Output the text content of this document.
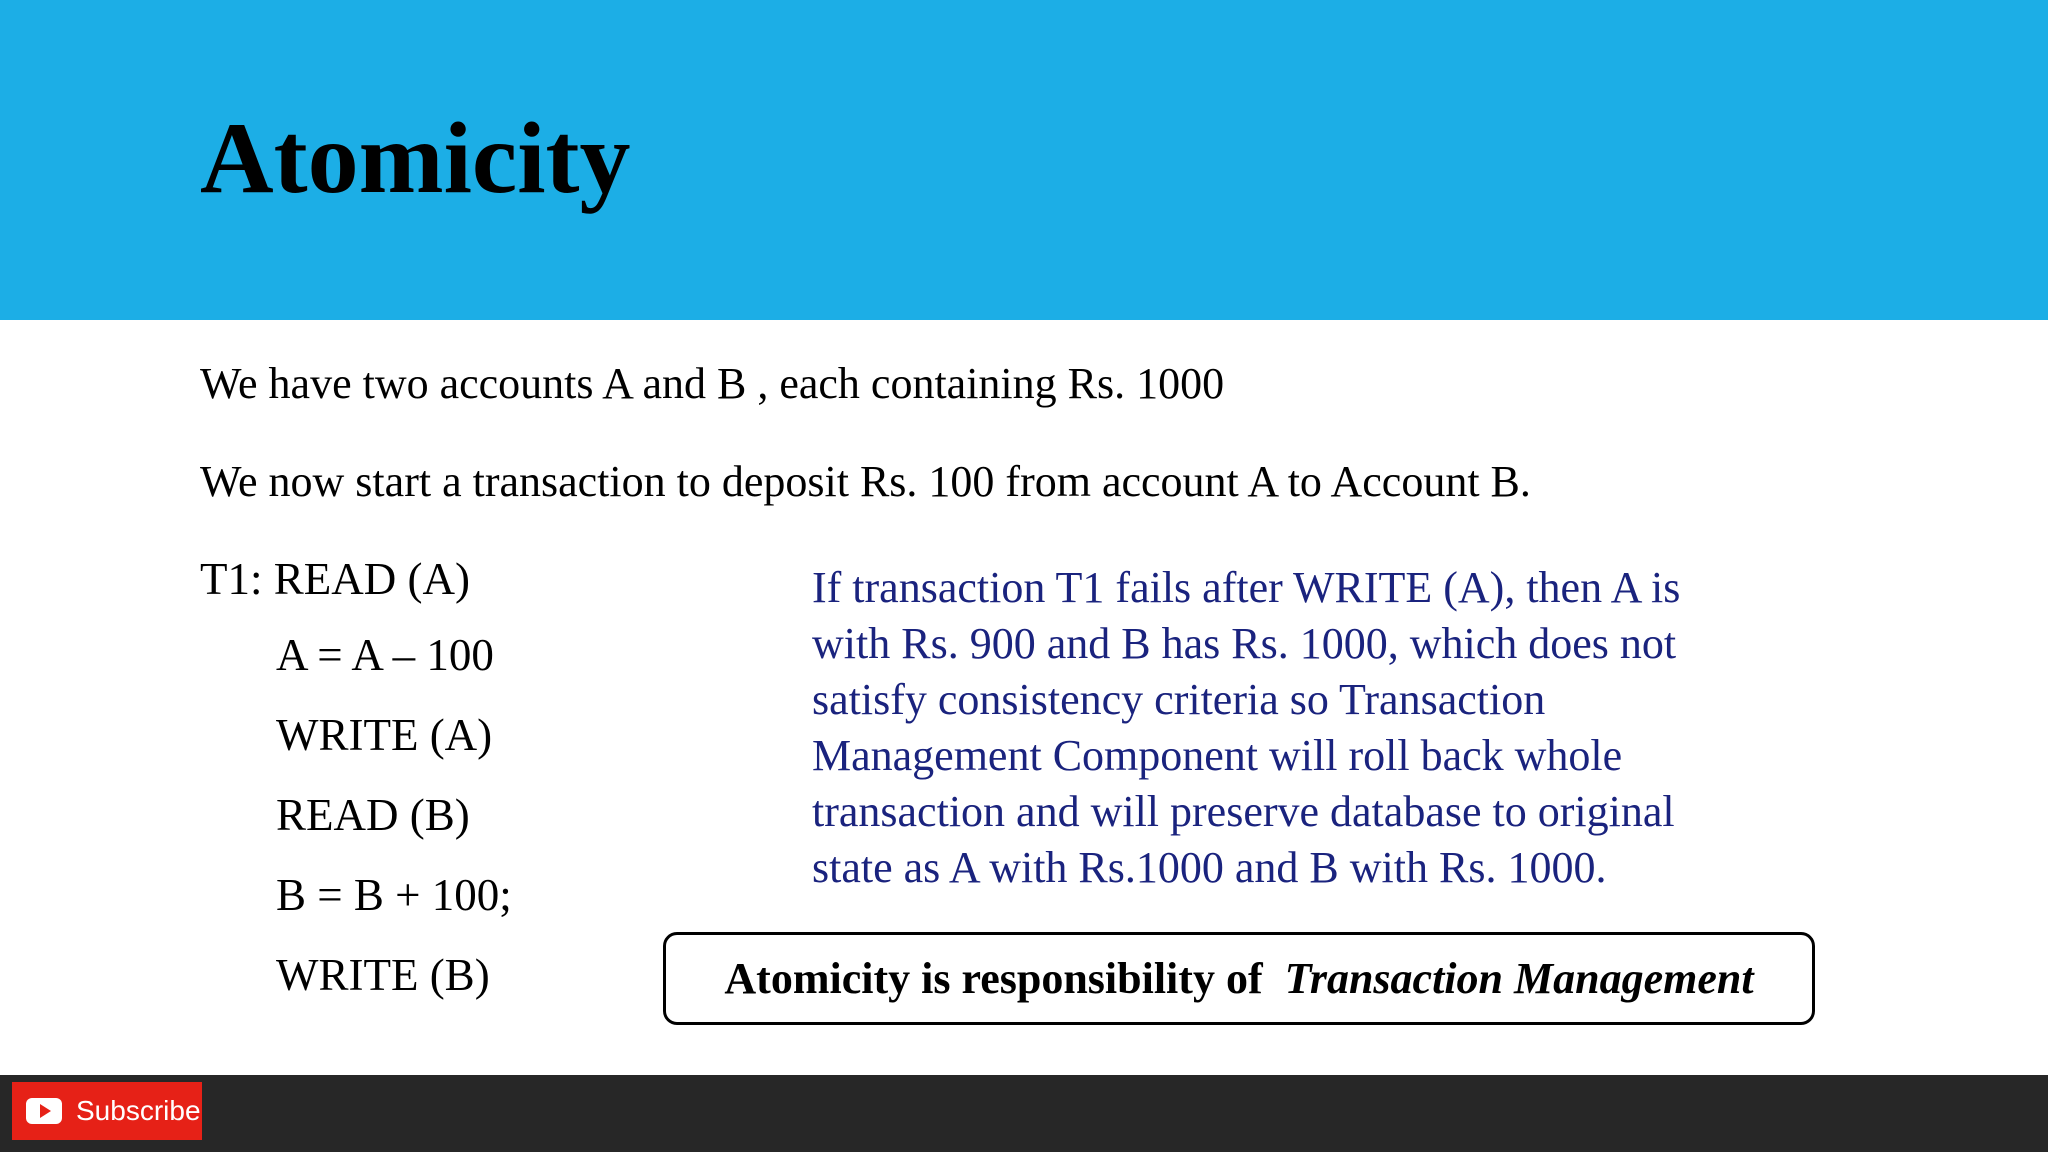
Atomicity
We have two accounts A and B , each containing Rs. 1000
We now start a transaction to deposit Rs. 100 from account A to Account B.
T1: READ (A)
A = A – 100
WRITE (A)
READ (B)
B = B + 100;
WRITE (B)
If transaction T1 fails after WRITE (A), then A is
with Rs. 900 and B has Rs. 1000, which does not
satisfy consistency criteria so Transaction
Management Component will roll back whole
transaction and will preserve database to original
state as A with Rs.1000 and B with Rs. 1000.
Atomicity is responsibility of  Transaction Management
Subscribe
